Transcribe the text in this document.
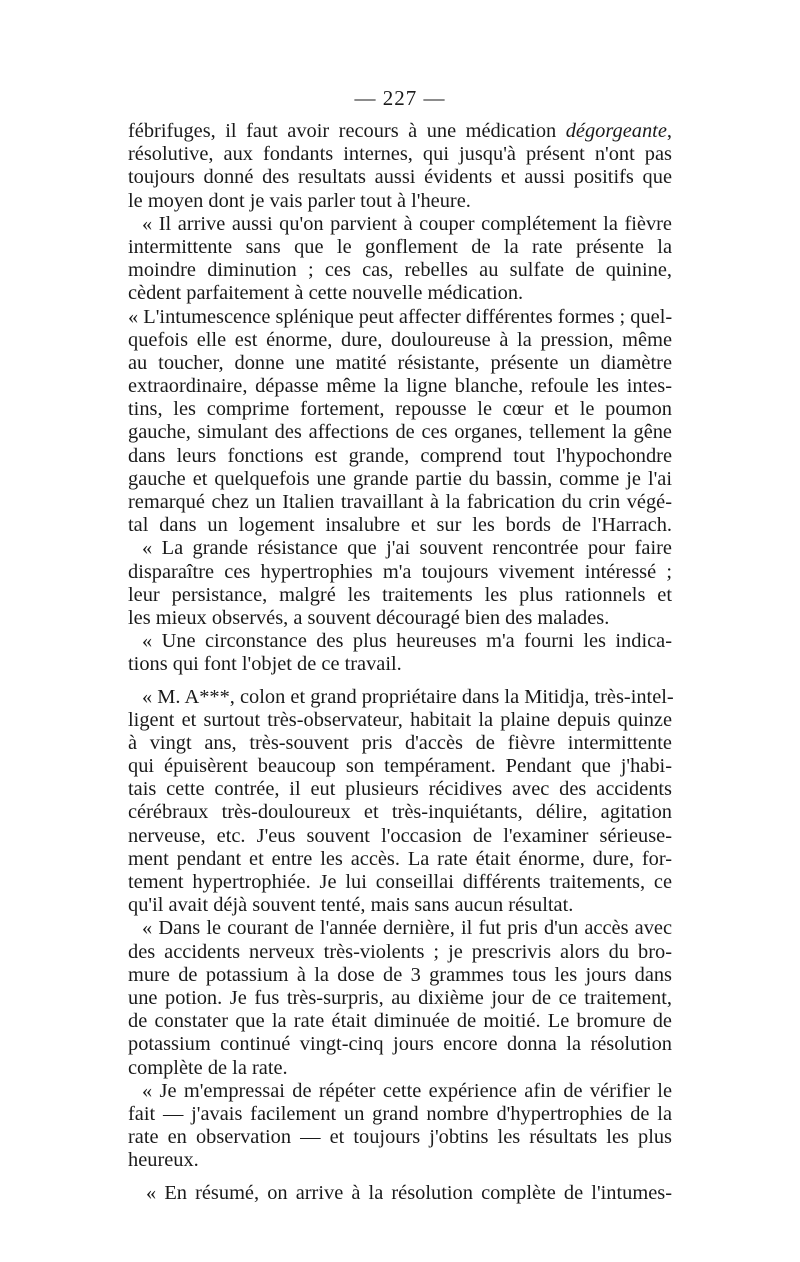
— 227 —
fébrifuges, il faut avoir recours à une médication dégorgeante,
résolutive, aux fondants internes, qui jusqu'à présent n'ont pas
toujours donné des resultats aussi évidents et aussi positifs que
le moyen dont je vais parler tout à l'heure.
« Il arrive aussi qu'on parvient à couper complétement la fièvre
intermittente sans que le gonflement de la rate présente la
moindre diminution ; ces cas, rebelles au sulfate de quinine,
cèdent parfaitement à cette nouvelle médication.
« L'intumescence splénique peut affecter différentes formes ; quel-
quefois elle est énorme, dure, douloureuse à la pression, même
au toucher, donne une matité résistante, présente un diamètre
extraordinaire, dépasse même la ligne blanche, refoule les intes-
tins, les comprime fortement, repousse le cœur et le poumon
gauche, simulant des affections de ces organes, tellement la gêne
dans leurs fonctions est grande, comprend tout l'hypochondre
gauche et quelquefois une grande partie du bassin, comme je l'ai
remarqué chez un Italien travaillant à la fabrication du crin végé-
tal dans un logement insalubre et sur les bords de l'Harrach.
« La grande résistance que j'ai souvent rencontrée pour faire
disparaître ces hypertrophies m'a toujours vivement intéressé ;
leur persistance, malgré les traitements les plus rationnels et
les mieux observés, a souvent découragé bien des malades.
« Une circonstance des plus heureuses m'a fourni les indica-
tions qui font l'objet de ce travail.
« M. A***, colon et grand propriétaire dans la Mitidja, très-intel-
ligent et surtout très-observateur, habitait la plaine depuis quinze
à vingt ans, très-souvent pris d'accès de fièvre intermittente
qui épuisèrent beaucoup son tempérament. Pendant que j'habi-
tais cette contrée, il eut plusieurs récidives avec des accidents
cérébraux très-douloureux et très-inquiétants, délire, agitation
nerveuse, etc. J'eus souvent l'occasion de l'examiner sérieuse-
ment pendant et entre les accès. La rate était énorme, dure, for-
tement hypertrophiée. Je lui conseillai différents traitements, ce
qu'il avait déjà souvent tenté, mais sans aucun résultat.
« Dans le courant de l'année dernière, il fut pris d'un accès avec
des accidents nerveux très-violents ; je prescrivis alors du bro-
mure de potassium à la dose de 3 grammes tous les jours dans
une potion. Je fus très-surpris, au dixième jour de ce traitement,
de constater que la rate était diminuée de moitié. Le bromure de
potassium continué vingt-cinq jours encore donna la résolution
complète de la rate.
« Je m'empressai de répéter cette expérience afin de vérifier le
fait — j'avais facilement un grand nombre d'hypertrophies de la
rate en observation — et toujours j'obtins les résultats les plus
heureux.
« En résumé, on arrive à la résolution complète de l'intumes-
